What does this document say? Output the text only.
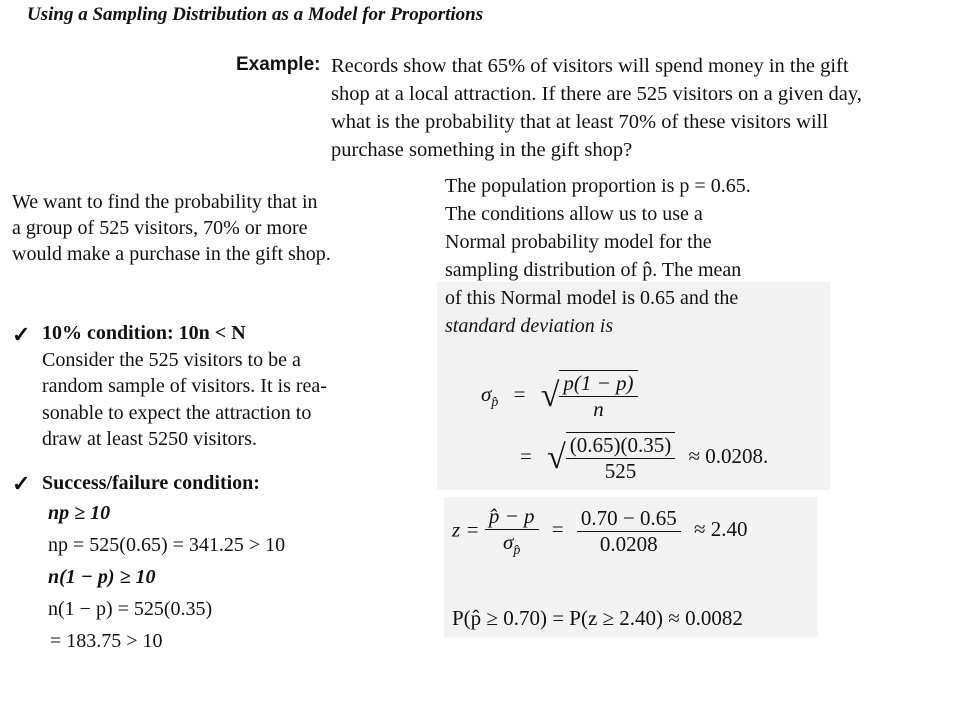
Using a Sampling Distribution as a Model for Proportions
Example: Records show that 65% of visitors will spend money in the gift
shop at a local attraction. If there are 525 visitors on a given day,
what is the probability that at least 70% of these visitors will
purchase something in the gift shop?
We want to find the probability that in
a group of 525 visitors, 70% or more
would make a purchase in the gift shop.
✓ 10% condition: 10n < N
Consider the 525 visitors to be a
random sample of visitors. It is rea-
sonable to expect the attraction to
draw at least 5250 visitors.
✓ Success/failure condition:
np ≥ 10
np = 525(0.65) = 341.25 > 10
n(1 − p) ≥ 10
n(1 − p) = 525(0.35)
= 183.75 > 10
The population proportion is p = 0.65.
The conditions allow us to use a
Normal probability model for the
sampling distribution of p̂. The mean
of this Normal model is 0.65 and the
standard deviation is
$\sigma_{p̂}$ = √ $\frac{p(1 - p)}{n}$
= √ $\frac{(0.65)(0.35)}{525} \approx 0.0208$.
$z = \frac{p̂ - p}{\sigma_{p̂}} = \frac{0.70 - 0.65}{0.0208} \approx 2.40$
P(p̂ ≥ 0.70) = P(z ≥ 2.40) ≈ 0.0082
